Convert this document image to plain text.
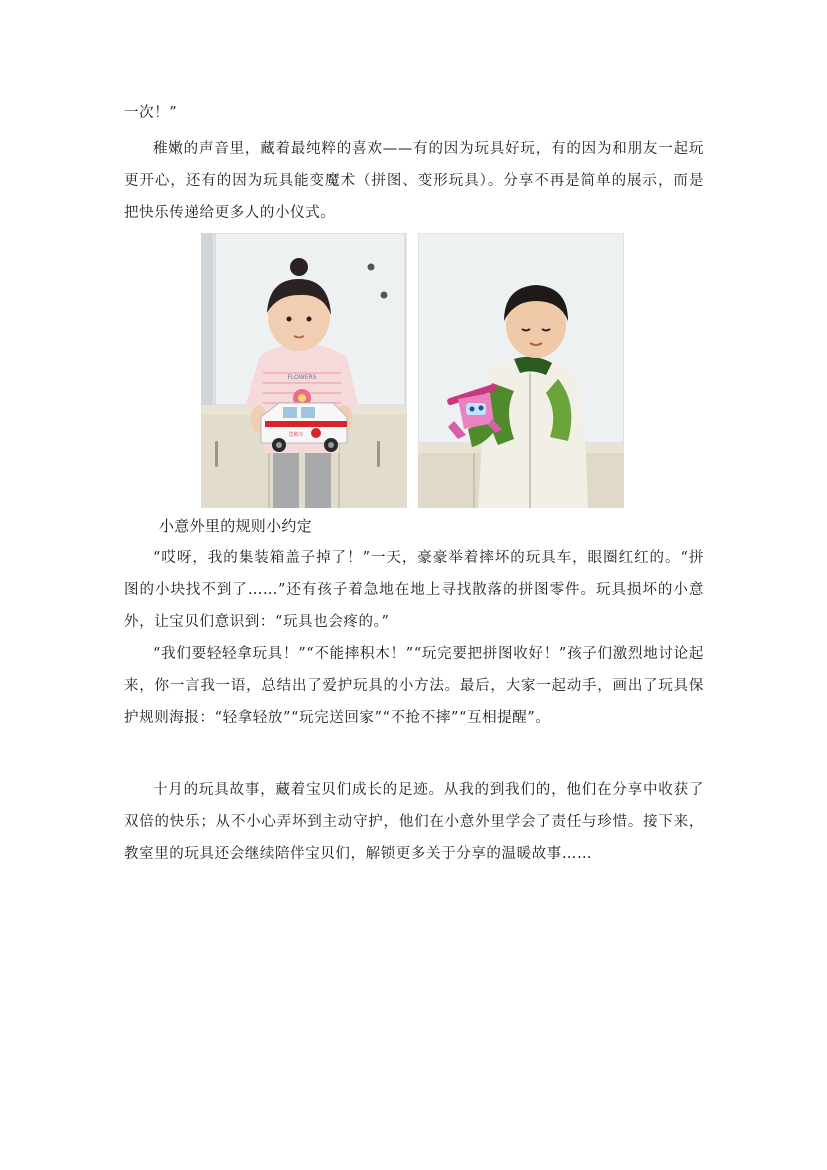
一次！”

稚嫩的声音里，藏着最纯粹的喜欢——有的因为玩具好玩，有的因为和朋友一起玩更开心，还有的因为玩具能变魔术（拼图、变形玩具）。分享不再是简单的展示，而是把快乐传递给更多人的小仪式。

FLOWERS
急救车

小意外里的规则小约定

“哎呀，我的集装箱盖子掉了！”一天，豪豪举着摔坏的玩具车，眼圈红红的。“拼图的小块找不到了……”还有孩子着急地在地上寻找散落的拼图零件。玩具损坏的小意外，让宝贝们意识到：“玩具也会疼的。”

“我们要轻轻拿玩具！”“不能摔积木！”“玩完要把拼图收好！”孩子们激烈地讨论起来，你一言我一语，总结出了爱护玩具的小方法。最后，大家一起动手，画出了玩具保护规则海报：“轻拿轻放”“玩完送回家”“不抢不摔”“互相提醒”。

十月的玩具故事，藏着宝贝们成长的足迹。从我的到我们的，他们在分享中收获了双倍的快乐；从不小心弄坏到主动守护，他们在小意外里学会了责任与珍惜。接下来，教室里的玩具还会继续陪伴宝贝们，解锁更多关于分享的温暖故事……
